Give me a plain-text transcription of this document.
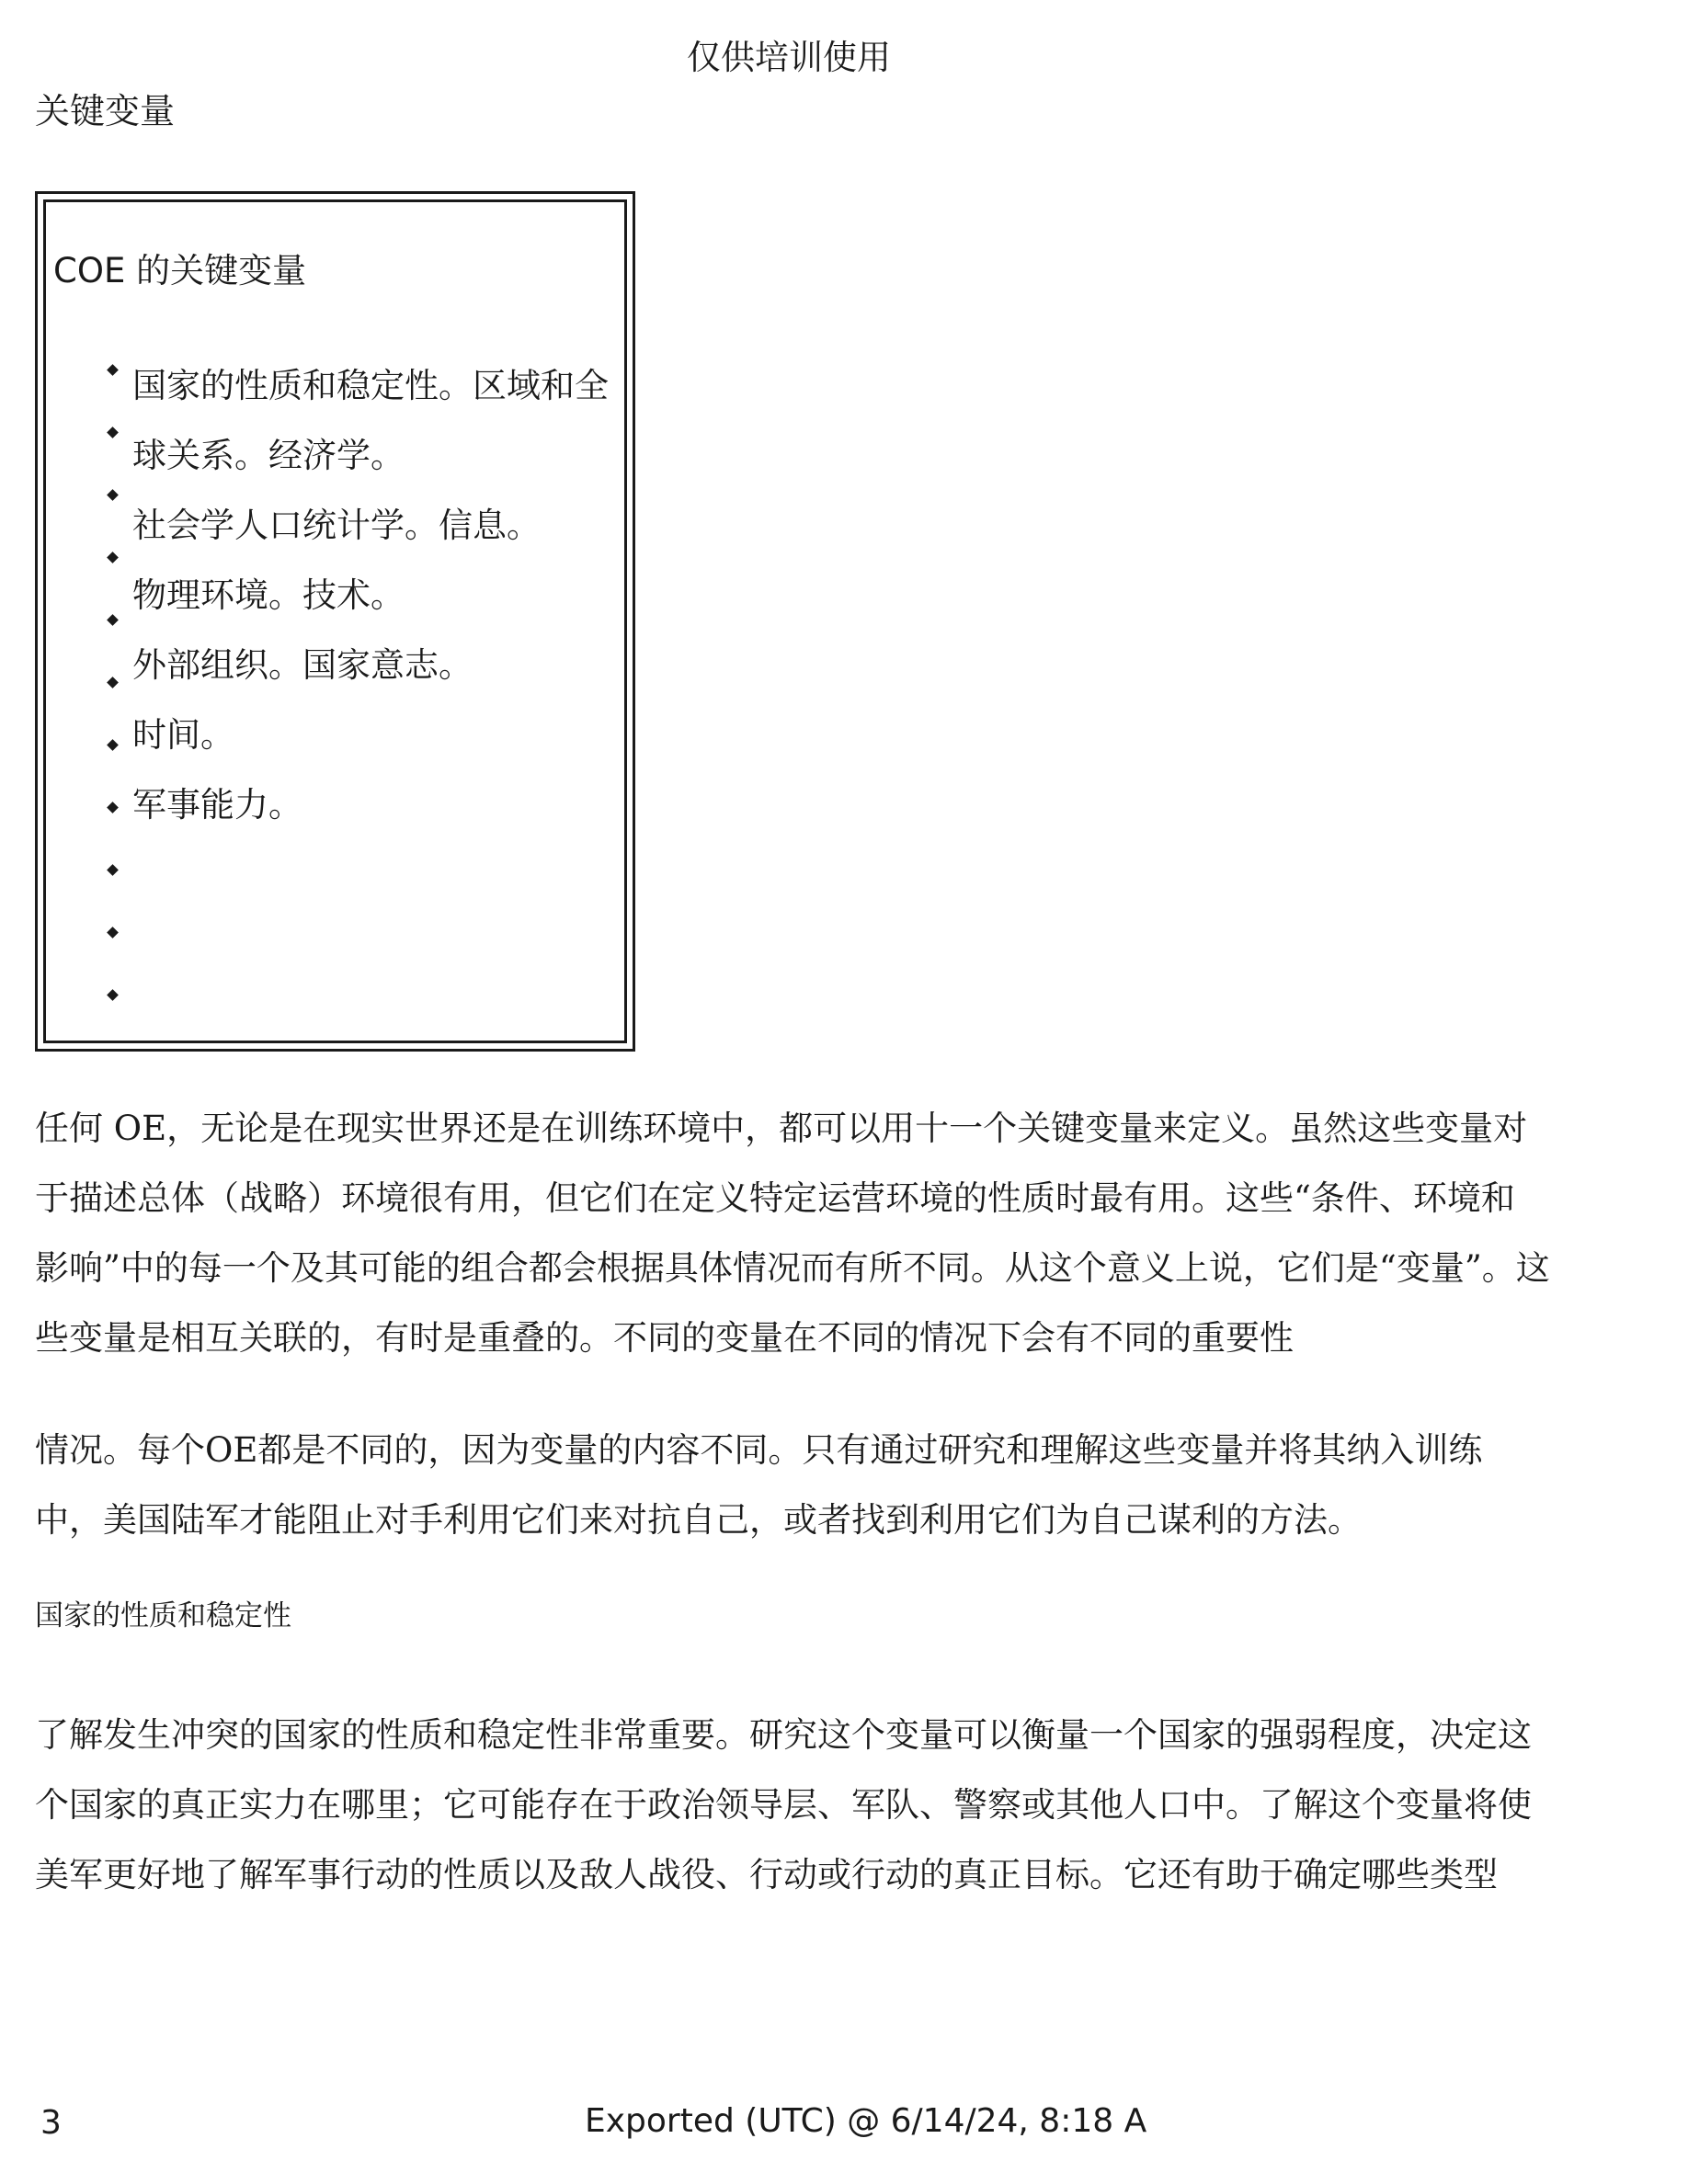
仅供培训使用
关键变量
COE 的关键变量
国家的性质和稳定性。区域和全
球关系。经济学。
社会学人口统计学。信息。
物理环境。技术。
外部组织。国家意志。
时间。
军事能力。
任何 OE，无论是在现实世界还是在训练环境中，都可以用十一个关键变量来定义。虽然这些变量对
于描述总体（战略）环境很有用，但它们在定义特定运营环境的性质时最有用。这些“条件、环境和
影响”中的每一个及其可能的组合都会根据具体情况而有所不同。从这个意义上说，它们是“变量”。这
些变量是相互关联的，有时是重叠的。不同的变量在不同的情况下会有不同的重要性
情况。每个OE都是不同的，因为变量的内容不同。只有通过研究和理解这些变量并将其纳入训练
中，美国陆军才能阻止对手利用它们来对抗自己，或者找到利用它们为自己谋利的方法。
国家的性质和稳定性
了解发生冲突的国家的性质和稳定性非常重要。研究这个变量可以衡量一个国家的强弱程度，决定这
个国家的真正实力在哪里；它可能存在于政治领导层、军队、警察或其他人口中。了解这个变量将使
美军更好地了解军事行动的性质以及敌人战役、行动或行动的真正目标。它还有助于确定哪些类型
3	Exported (UTC) @ 6/14/24, 8:18 A
